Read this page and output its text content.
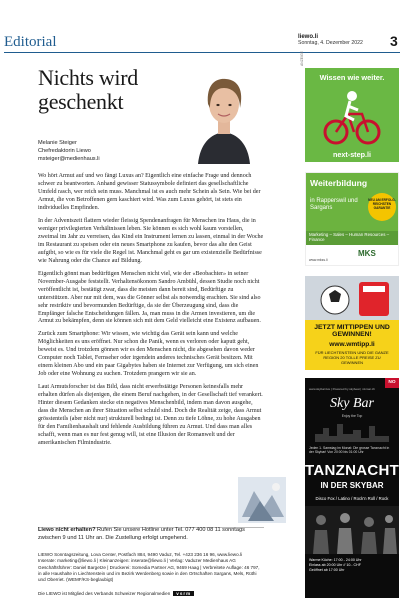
Editorial	liewo.li
Sonntag, 4. Dezember 2022 3
Nichts wird geschenkt
Melanie Steiger
Chefredaktorin Liewo
msteiger@medienhaus.li

Wo hört Armut auf und wo fängt Luxus an? Eigentlich eine einfache Frage und dennoch schwer zu beantworten. Anhand gewisser Statussymbole definiert das gesellschaftliche Umfeld rasch, wer reich sein muss. Manchmal ist es auch mehr Schein als Sein. Wie bei der Armut, die von Betroffenen gern kaschiert wird. Was zum Luxus gehört, ist stets ein individuelles Empfinden.

In der Adventszeit flattern wieder fleissig Spendenanfragen für Menschen ins Haus, die in weniger privilegierten Verhältnissen leben. Sie können es sich wohl kaum vorstellen, zweimal im Jahr zu verreisen, das Kind ein Instrument lernen zu lassen, einmal in der Woche im Restaurant zu speisen oder ein neues Smartphone zu kaufen, bevor das alte den Geist aufgibt, so wie es für viele die Regel ist. Manchmal geht es gar um existenzielle Bedürfnisse wie Nahrung oder die Chance auf Bildung.

Eigentlich gönnt man bedürftigen Menschen nicht viel, wie der «Beobachter» in seiner November-Ausgabe feststellt. Verhaltensökonom Sandro Ambühl, dessen Studie noch nicht veröffentlicht ist, bestätigt zwar, dass die meisten dann bereit sind, Bedürftige zu unterstützen. Aber nur mit dem, was die Gönner selbst als notwendig erachten. Sie sind also sehr restriktiv und bevormunden Bedürftige, da sie der Überzeugung sind, dass die Empfänger falsche Entscheidungen fällen. Ja, man muss in die Armen investieren, um die Armut zu bekämpfen, denn sie können sich mit dem Geld vielleicht eine Existenz aufbauen.

Zurück zum Smartphone: Wir wissen, wie wichtig das Gerät sein kann und welche Möglichkeiten es uns eröffnet. Nur schon die Panik, wenn es verloren oder kaputt geht, beweist es. Und trotzdem gönnen wir es den Menschen nicht, die abgesehen davon weder Computer noch Tablet, Fernseher oder irgendein anderes technisches Gerät besitzen. Mit einem kleinen Abo und ein paar Gigabytes haben sie Internet zur Verfügung, um sich einen Job oder eine Wohnung zu suchen. Trotzdem prangern wir sie an.

Laut Armutsforscher ist das Bild, dass nicht erwerbstätige Personen keinesfalls mehr erhalten dürfen als diejenigen, die einem Beruf nachgehen, in der Gesellschaft tief verankert. Hinter diesem Gedanken stecke ein negatives Menschenbild, indem man davon ausgehe, dass die Menschen an ihrer Situation selbst schuld sind. Doch die Realität zeige, dass Armut grösstenteils (aber nicht nur) strukturell bedingt ist. Denn zu tiefe Löhne, zu hohe Ausgaben für den Familienhaushalt und fehlende Ausbildung führen zu Armut. Und dass man alles schafft, wenn man es nur fest genug will, ist eine Illusion der Romanwelt und der amerikanischen Filmindustrie.

Liewo nicht erhalten? Rufen Sie unsere Hotline unter Tel. 077 400 08 11 sonntags zwischen 9 und 11 Uhr an. Die Zustellung erfolgt umgehend.
LIEWO Sonntagszeitung, Lova Center, Postfach 884, 9490 Vaduz, Tel. +423 236 16 96, www.liewo.li
Inserate: marketing@liewo.li | Kleinanzeigen: inserate@liewo.li | Verlag: Vaduzer Medienhaus AG
Geschäftsführer: Daniel Bargetze | Druckerei: Somedia Partner AG, 9469 Haag | Verbreitete Auflage: 46 797, in alle Haushalte in Liechtenstein und im Bezirk Werdenberg sowie in den Ortschaften Sargans, Mels, Rüthi und Oberriet. (WEMF/KS-beglaubigt)
Die LIEWO ist Mitglied des Verbands Schweizer Regionalmedien	vsrm
ANZEIGE
Wissen wie weiter.
next-step.li
Weiterbildung
in Rapperswil und Sargans
NEU AM ERFOLG-REICHSTEN GARANTIE
Marketing – Sales – Human Resources – Finance
MKS
www.mkss.li
JETZT MITTIPPEN UND GEWINNEN!
www.wmtipp.li
FÜR LIECHTENSTEIN UND DIE GANZE REGION 20 TOLLE PREISE ZU GEWINNEN
NO
www.skybar.live | Powered by skybeat | nixmar.ch
Sky Bar
Enjoy the Top
Jeden 1. Samstag im Monat: Die grosse Tanznacht in der Skybar! Von 20:00 bis 01:00 Uhr
TANZNACHT
IN DER SKYBAR
Disco Fox / Latino / Rock'n Roll / Rock
Warme Küche: 17:00 - 24:00 Uhr
Einlass ab 20:00 Uhr // 10.- CHF
Geöffnet ab 17:00 Uhr
